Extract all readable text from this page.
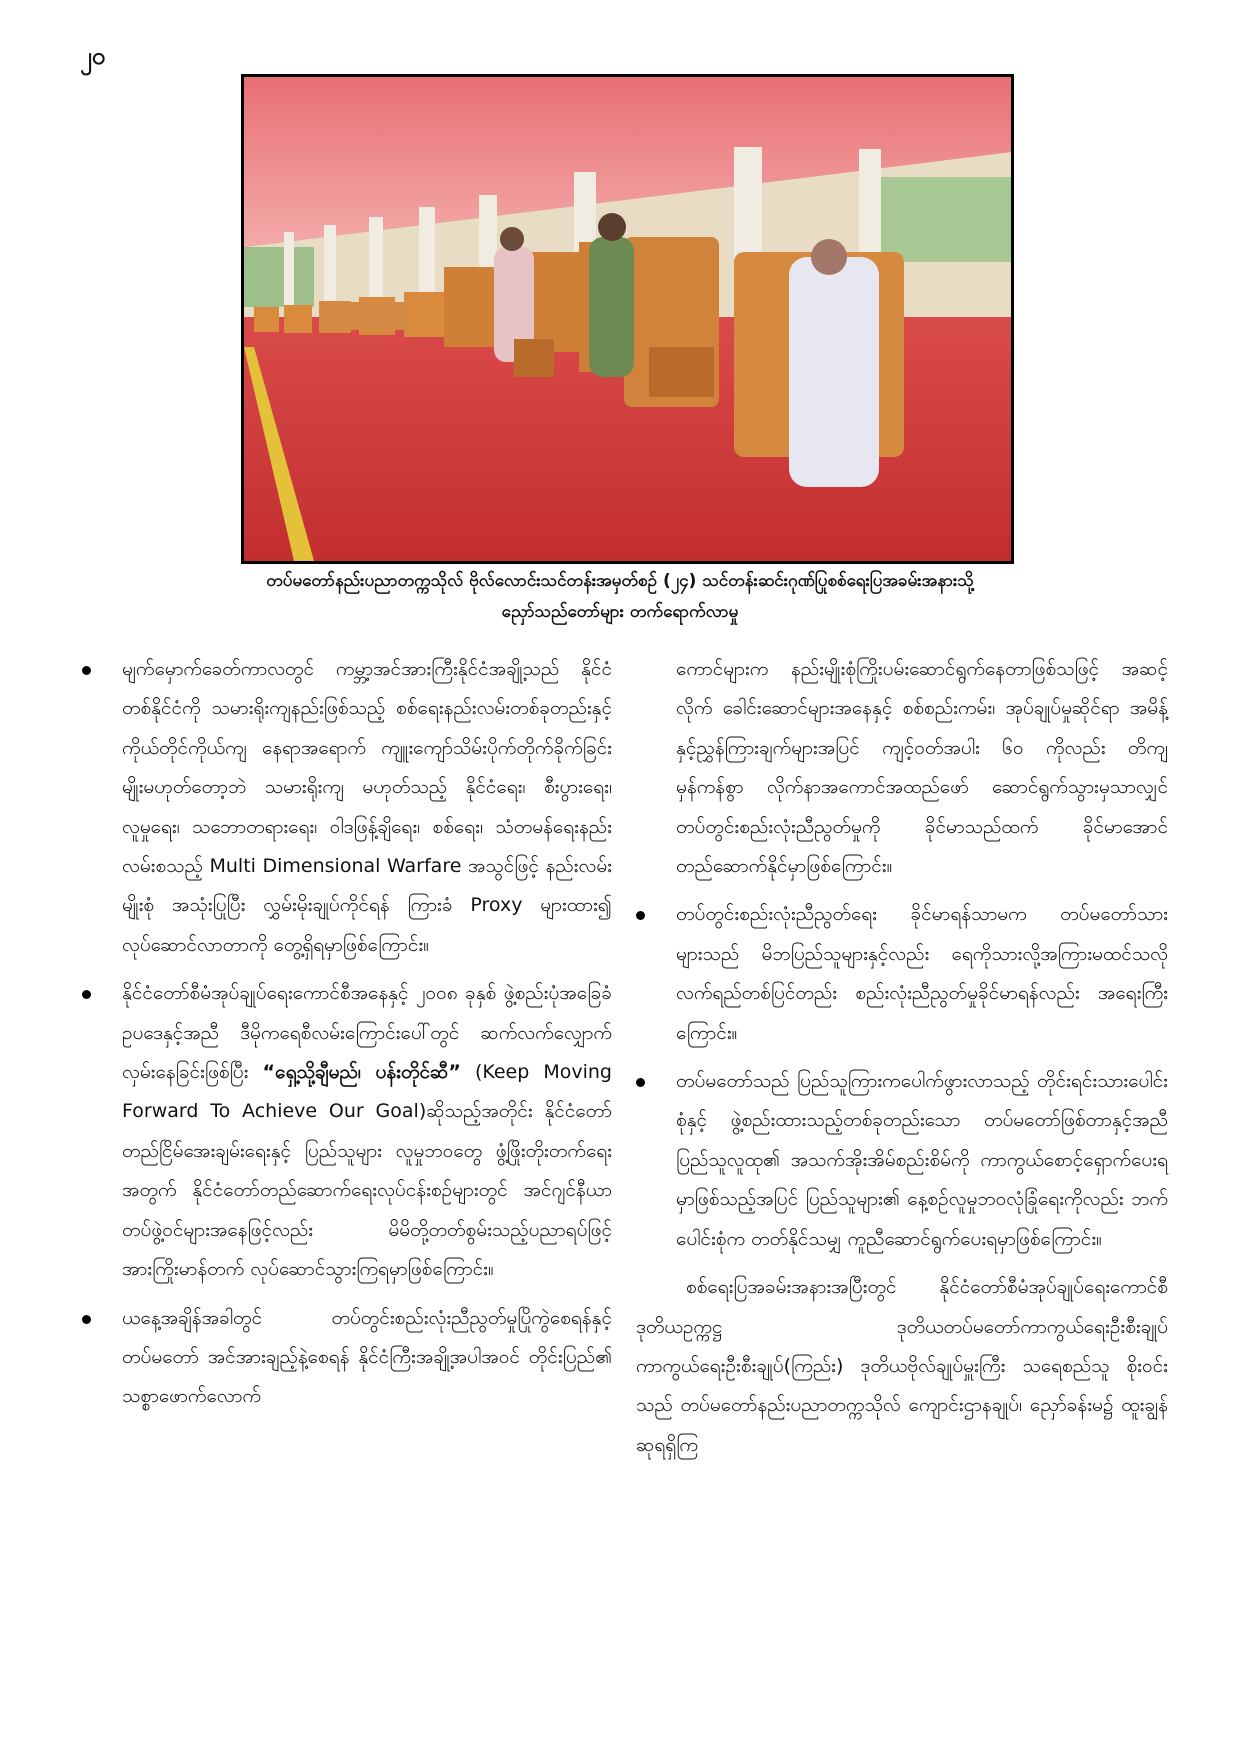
၂၀
တပ်မတော်နည်းပညာတက္ကသိုလ် ဗိုလ်လောင်းသင်တန်းအမှတ်စဉ် (၂၄) သင်တန်းဆင်းဂုဏ်ပြုစစ်ရေးပြအခမ်းအနားသို့
ညှော်သည်တော်များ တက်ရောက်လာမှု
မျက်မှောက်ခေတ်ကာလတွင် ကမ္ဘာ့အင်အားကြီးနိုင်ငံအချို့သည် နိုင်ငံတစ်နိုင်ငံကို သမားရိုးကျနည်းဖြစ်သည့် စစ်ရေးနည်းလမ်းတစ်ခုတည်းနှင့် ကိုယ်တိုင်ကိုယ်ကျ နေရာအရောက် ကျူးကျော်သိမ်းပိုက်တိုက်ခိုက်ခြင်းမျိုးမဟုတ်တော့ဘဲ သမားရိုးကျ မဟုတ်သည့် နိုင်ငံရေး၊ စီးပွားရေး၊ လူမှုရေး၊ သဘောတရားရေး၊ ဝါဒဖြန့်ချိရေး၊ စစ်ရေး၊ သံတမန်ရေးနည်းလမ်းစသည့် Multi Dimensional Warfare အသွင်ဖြင့် နည်းလမ်းမျိုးစုံ အသုံးပြုပြီး လွှမ်းမိုးချုပ်ကိုင်ရန် ကြားခံ Proxy များထား၍ လုပ်ဆောင်လာတာကို တွေ့ရှိရမှာဖြစ်ကြောင်း။
နိုင်ငံတော်စီမံအုပ်ချုပ်ရေးကောင်စီအနေနှင့် ၂၀၀၈ ခုနှစ် ဖွဲ့စည်းပုံအခြေခံဥပဒေနှင့်အညီ ဒီမိုကရေစီလမ်းကြောင်းပေါ်တွင် ဆက်လက်လျှောက်လှမ်းနေခြင်းဖြစ်ပြီး “ရှေ့သို့ချီမည်၊ ပန်းတိုင်ဆီ” (Keep Moving Forward To Achieve Our Goal)ဆိုသည့်အတိုင်း နိုင်ငံတော်တည်ငြိမ်အေးချမ်းရေးနှင့် ပြည်သူများ လူမှုဘဝတွေ ဖွံ့ဖြိုးတိုးတက်ရေးအတွက် နိုင်ငံတော်တည်ဆောက်ရေးလုပ်ငန်းစဉ်များတွင် အင်ဂျင်နီယာတပ်ဖွဲ့ဝင်များအနေဖြင့်လည်း မိမိတို့တတ်စွမ်းသည့်ပညာရပ်ဖြင့် အားကြိုးမာန်တက် လုပ်ဆောင်သွားကြရမှာဖြစ်ကြောင်း။
ယနေ့အချိန်အခါတွင် တပ်တွင်းစည်းလုံးညီညွတ်မှုပြိုကွဲစေရန်နှင့် တပ်မတော် အင်အားချည့်နဲ့စေရန် နိုင်ငံကြီးအချို့အပါအဝင် တိုင်းပြည်၏ သစ္စာဖောက်လောက်
ကောင်များက နည်းမျိုးစုံကြိုးပမ်းဆောင်ရွက်နေတာဖြစ်သဖြင့် အဆင့်လိုက် ခေါင်းဆောင်များအနေနှင့် စစ်စည်းကမ်း၊ အုပ်ချုပ်မှုဆိုင်ရာ အမိန့်နှင့်ညွှန်ကြားချက်များအပြင် ကျင့်ဝတ်အပါး ၆၀ ကိုလည်း တိကျမှန်ကန်စွာ လိုက်နာအကောင်အထည်ဖော် ဆောင်ရွက်သွားမှသာလျှင် တပ်တွင်းစည်းလုံးညီညွတ်မှုကို ခိုင်မာသည်ထက် ခိုင်မာအောင်တည်ဆောက်နိုင်မှာဖြစ်ကြောင်း။
တပ်တွင်းစည်းလုံးညီညွတ်ရေး ခိုင်မာရန်သာမက တပ်မတော်သားများသည် မိဘပြည်သူများနှင့်လည်း ရေကိုသားလို့အကြားမထင်သလို လက်ရည်တစ်ပြင်တည်း စည်းလုံးညီညွတ်မှုခိုင်မာရန်လည်း အရေးကြီးကြောင်း။
တပ်မတော်သည် ပြည်သူကြားကပေါက်ဖွားလာသည့် တိုင်းရင်းသားပေါင်းစုံနှင့် ဖွဲ့စည်းထားသည့်တစ်ခုတည်းသော တပ်မတော်ဖြစ်တာနှင့်အညီ ပြည်သူလူထု၏ အသက်အိုးအိမ်စည်းစိမ်ကို ကာကွယ်စောင့်ရှောက်ပေးရမှာဖြစ်သည့်အပြင် ပြည်သူများ၏ နေ့စဉ်လူမှုဘဝလုံခြုံရေးကိုလည်း ဘက်ပေါင်းစုံက တတ်နိုင်သမျှ ကူညီဆောင်ရွက်ပေးရမှာဖြစ်ကြောင်း။
စစ်ရေးပြအခမ်းအနားအပြီးတွင် နိုင်ငံတော်စီမံအုပ်ချုပ်ရေးကောင်စီ ဒုတိယဥက္ကဋ္ဌ ဒုတိယတပ်မတော်ကာကွယ်ရေးဦးစီးချုပ် ကာကွယ်ရေးဦးစီးချုပ်(ကြည်း) ဒုတိယဗိုလ်ချုပ်မှူးကြီး သရေစည်သူ စိုးဝင်းသည် တပ်မတော်နည်းပညာတက္ကသိုလ် ကျောင်းဌာနချုပ်၊ ညှော်ခန်းမ၌ ထူးချွန်ဆုရရှိကြ
